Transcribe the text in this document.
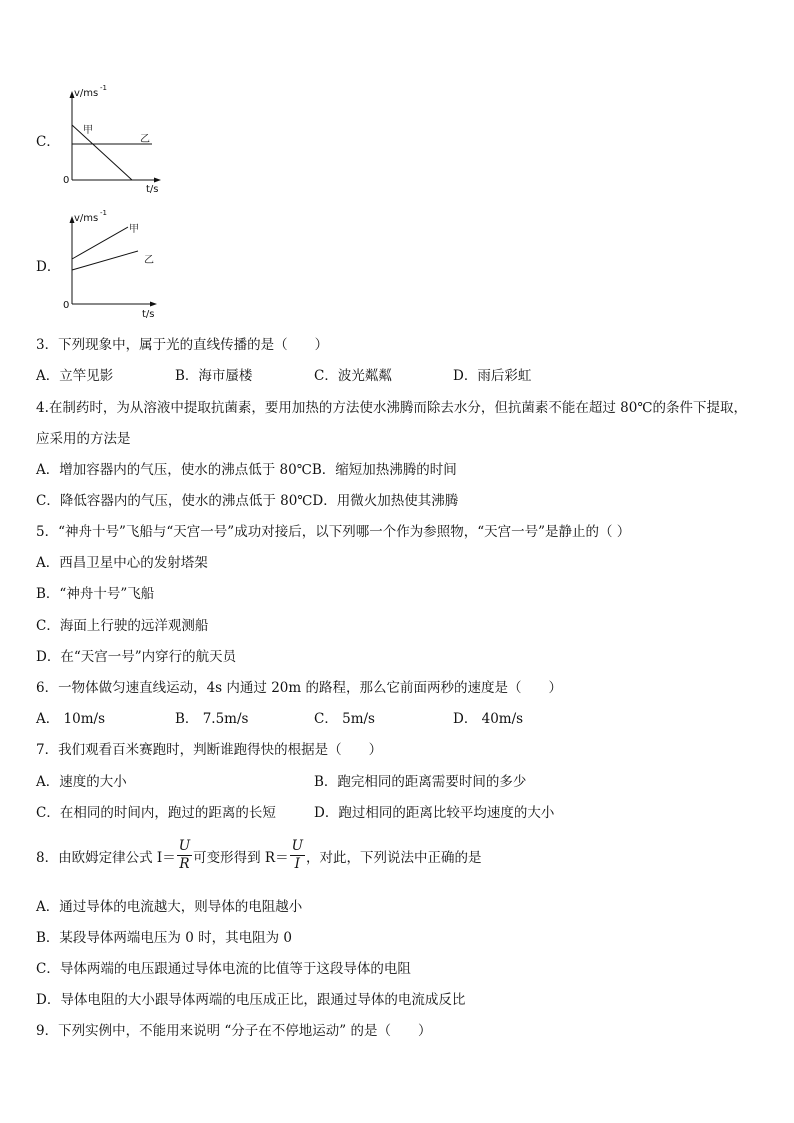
C．
v/ms -1
t/s
0
甲
乙
D．
v/ms -1
t/s
0
甲
乙
3．下列现象中，属于光的直线传播的是（　　）
A．立竿见影	B．海市蜃楼	C．波光粼粼	D．雨后彩虹
4.在制药时，为从溶液中提取抗菌素，要用加热的方法使水沸腾而除去水分，但抗菌素不能在超过 80℃的条件下提取，
应采用的方法是
A．增加容器内的气压，使水的沸点低于 80℃B．缩短加热沸腾的时间
C．降低容器内的气压，使水的沸点低于 80℃D．用微火加热使其沸腾
5．“神舟十号”飞船与“天宫一号”成功对接后，以下列哪一个作为参照物，“天宫一号”是静止的（ ）
A．西昌卫星中心的发射塔架
B．“神舟十号”飞船
C．海面上行驶的远洋观测船
D．在“天宫一号”内穿行的航天员
6．一物体做匀速直线运动，4s 内通过 20m 的路程，那么它前面两秒的速度是（　　）
A． 10m/s	B． 7.5m/s	C． 5m/s	D． 40m/s
7．我们观看百米赛跑时，判断谁跑得快的根据是（　　）
A．速度的大小	B．跑完相同的距离需要时间的多少
C．在相同的时间内，跑过的距离的长短	D．跑过相同的距离比较平均速度的大小
8．由欧姆定律公式 $I= \frac{U}{R}$ 可变形得到 $R= \frac{U}{I}$ ，对此，下列说法中正确的是
A．通过导体的电流越大，则导体的电阻越小
B．某段导体两端电压为 0 时，其电阻为 0
C．导体两端的电压跟通过导体电流的比值等于这段导体的电阻
D．导体电阻的大小跟导体两端的电压成正比，跟通过导体的电流成反比
9．下列实例中，不能用来说明 “分子在不停地运动” 的是（　　）
